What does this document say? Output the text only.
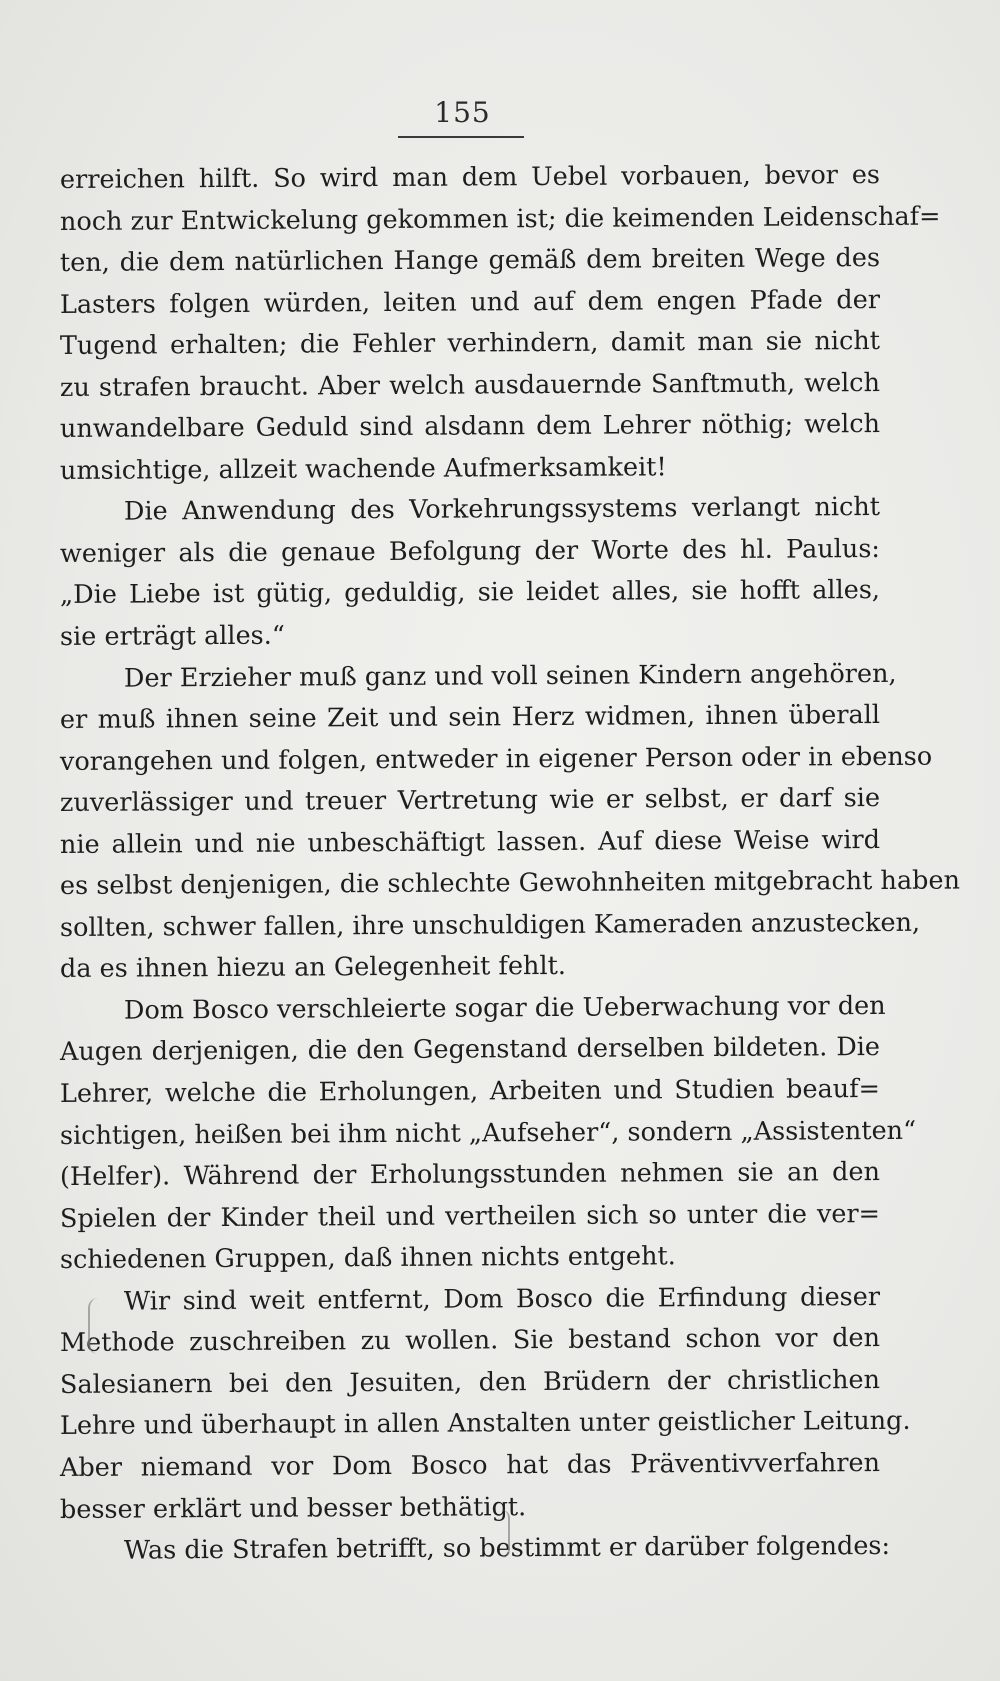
155
erreichen hilft. So wird man dem Uebel vorbauen, bevor es
noch zur Entwickelung gekommen ist; die keimenden Leidenschaf=
ten, die dem natürlichen Hange gemäß dem breiten Wege des
Lasters folgen würden, leiten und auf dem engen Pfade der
Tugend erhalten; die Fehler verhindern, damit man sie nicht
zu strafen braucht. Aber welch ausdauernde Sanftmuth, welch
unwandelbare Geduld sind alsdann dem Lehrer nöthig; welch
umsichtige, allzeit wachende Aufmerksamkeit!
Die Anwendung des Vorkehrungssystems verlangt nicht
weniger als die genaue Befolgung der Worte des hl. Paulus:
„Die Liebe ist gütig, geduldig, sie leidet alles, sie hofft alles,
sie erträgt alles.“
Der Erzieher muß ganz und voll seinen Kindern angehören,
er muß ihnen seine Zeit und sein Herz widmen, ihnen überall
vorangehen und folgen, entweder in eigener Person oder in ebenso
zuverlässiger und treuer Vertretung wie er selbst, er darf sie
nie allein und nie unbeschäftigt lassen. Auf diese Weise wird
es selbst denjenigen, die schlechte Gewohnheiten mitgebracht haben
sollten, schwer fallen, ihre unschuldigen Kameraden anzustecken,
da es ihnen hiezu an Gelegenheit fehlt.
Dom Bosco verschleierte sogar die Ueberwachung vor den
Augen derjenigen, die den Gegenstand derselben bildeten. Die
Lehrer, welche die Erholungen, Arbeiten und Studien beauf=
sichtigen, heißen bei ihm nicht „Aufseher“, sondern „Assistenten“
(Helfer). Während der Erholungsstunden nehmen sie an den
Spielen der Kinder theil und vertheilen sich so unter die ver=
schiedenen Gruppen, daß ihnen nichts entgeht.
Wir sind weit entfernt, Dom Bosco die Erfindung dieser
Methode zuschreiben zu wollen. Sie bestand schon vor den
Salesianern bei den Jesuiten, den Brüdern der christlichen
Lehre und überhaupt in allen Anstalten unter geistlicher Leitung.
Aber niemand vor Dom Bosco hat das Präventivverfahren
besser erklärt und besser bethätigt.
Was die Strafen betrifft, so bestimmt er darüber folgendes:
